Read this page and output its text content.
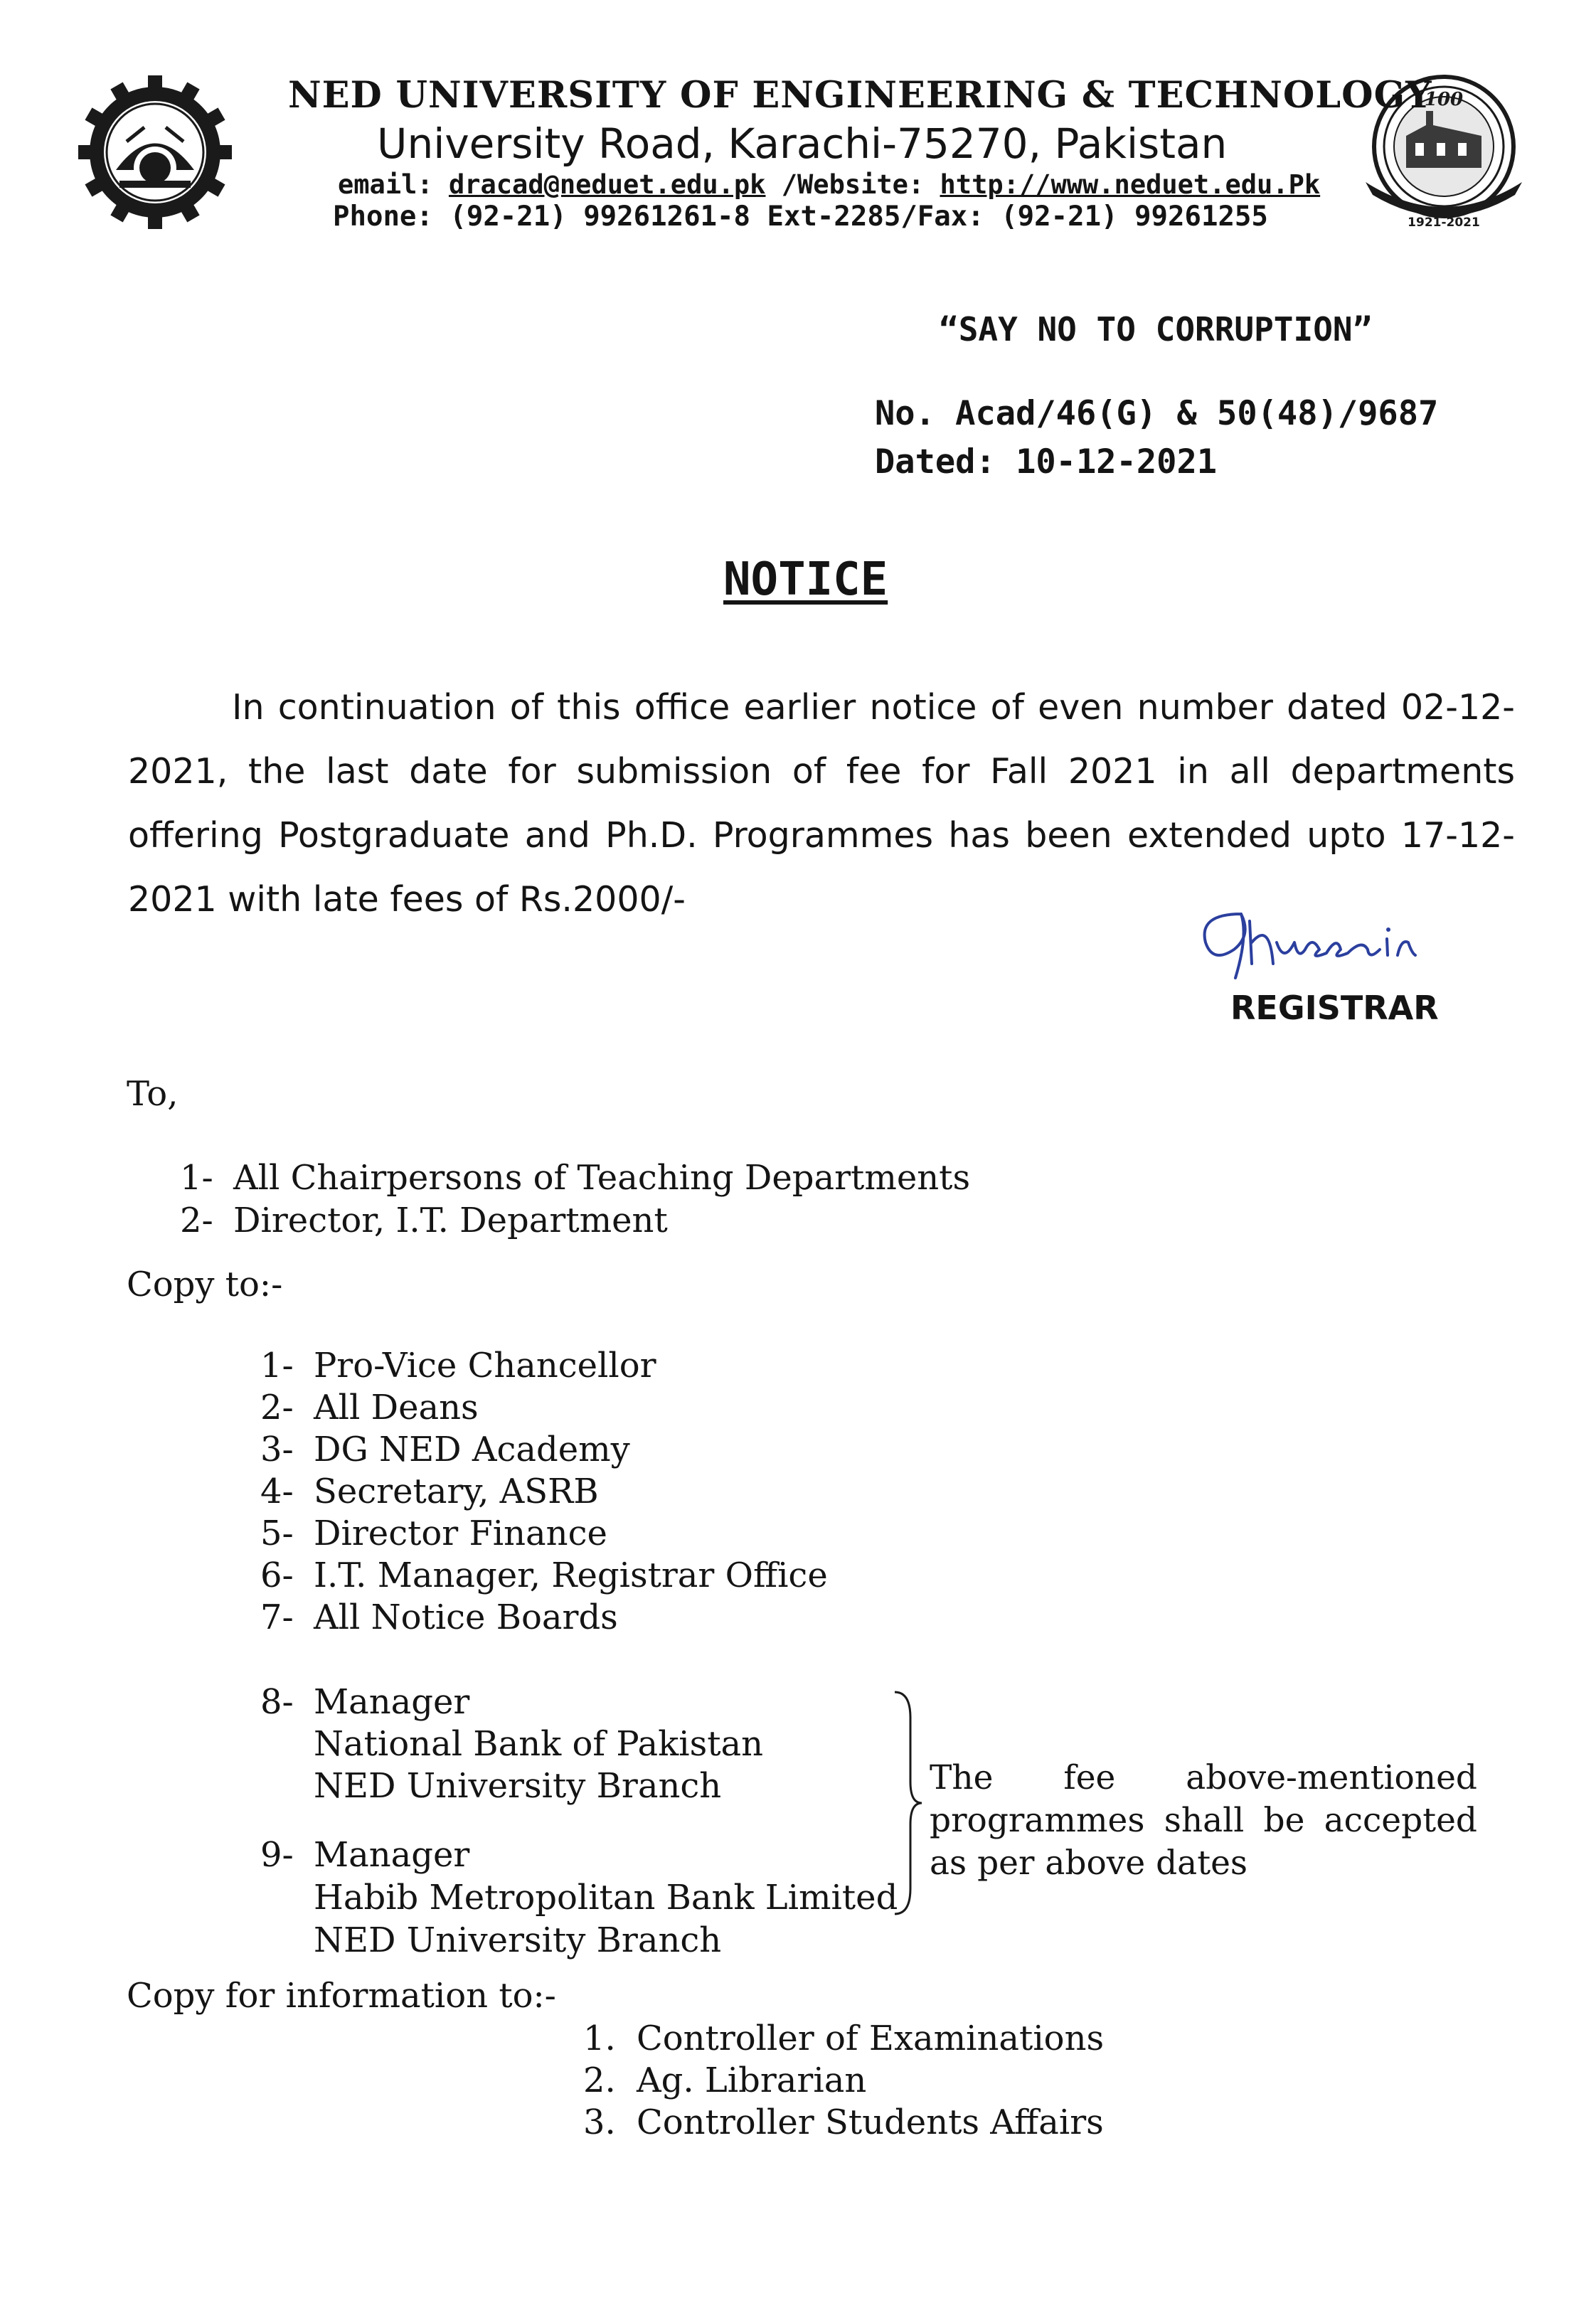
100
1921-2021
NED UNIVERSITY OF ENGINEERING & TECHNOLOGY
University Road, Karachi-75270, Pakistan
email: dracad@neduet.edu.pk /Website: http://www.neduet.edu.Pk
Phone: (92-21) 99261261-8 Ext-2285/Fax: (92-21) 99261255
“SAY NO TO CORRUPTION”
No. Acad/46(G) & 50(48)/9687
Dated: 10-12-2021
NOTICE
In continuation of this office earlier notice of even number dated 02-12-2021, the last date for submission of fee for Fall 2021 in all departments offering Postgraduate and Ph.D. Programmes has been extended upto 17-12-2021 with late fees of Rs.2000/-
REGISTRAR
To,
1- All Chairpersons of Teaching Departments
2- Director, I.T. Department
Copy to:-
1- Pro-Vice Chancellor
2- All Deans
3- DG NED Academy
4- Secretary, ASRB
5- Director Finance
6- I.T. Manager, Registrar Office
7- All Notice Boards
8- Manager
National Bank of Pakistan
NED University Branch
9- Manager
Habib Metropolitan Bank Limited
NED University Branch
The fee above-mentioned
programmes shall be accepted as per above dates
Copy for information to:-
1. Controller of Examinations
2. Ag. Librarian
3. Controller Students Affairs
